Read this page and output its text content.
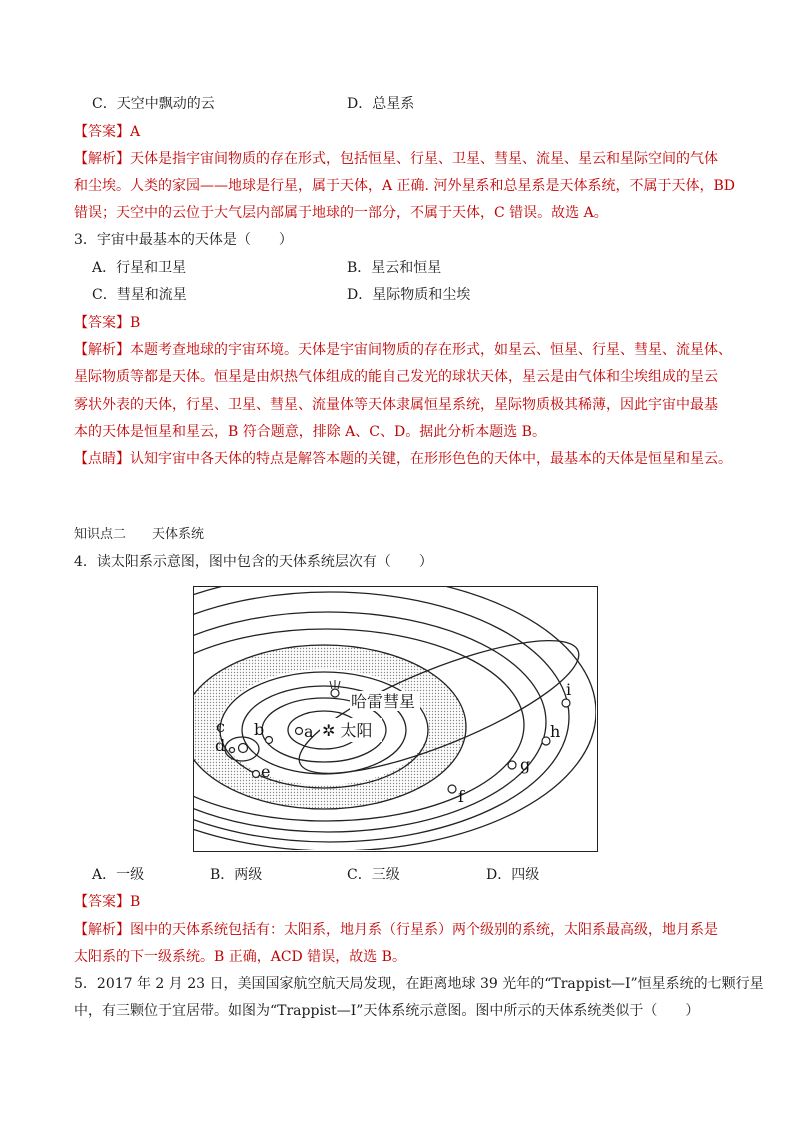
C．天空中飘动的云	D．总星系
【答案】A
【解析】天体是指宇宙间物质的存在形式，包括恒星、行星、卫星、彗星、流星、星云和星际空间的气体
和尘埃。人类的家园——地球是行星，属于天体，A 正确. 河外星系和总星系是天体系统，不属于天体，BD
错误；天空中的云位于大气层内部属于地球的一部分，不属于天体，C 错误。故选 A。
3．宇宙中最基本的天体是（　　）
A．行星和卫星	B．星云和恒星
C．彗星和流星	D．星际物质和尘埃
【答案】B
【解析】本题考查地球的宇宙环境。天体是宇宙间物质的存在形式，如星云、恒星、行星、彗星、流星体、
星际物质等都是天体。恒星是由炽热气体组成的能自己发光的球状天体，星云是由气体和尘埃组成的呈云
雾状外表的天体，行星、卫星、彗星、流量体等天体隶属恒星系统，星际物质极其稀薄，因此宇宙中最基
本的天体是恒星和星云，B 符合题意，排除 A、C、D。据此分析本题选 B。
【点睛】认知宇宙中各天体的特点是解答本题的关键，在形形色色的天体中，最基本的天体是恒星和星云。
知识点二 天体系统
4．读太阳系示意图，图中包含的天体系统层次有（　　）
✲ 太阳
哈雷彗星
a
b
c
d
e
f
g
h
i
A．一级	B．两级	C．三级	D．四级
【答案】B
【解析】图中的天体系统包括有：太阳系，地月系（行星系）两个级别的系统，太阳系最高级，地月系是
太阳系的下一级系统。B 正确，ACD 错误，故选 B。
5．2017 年 2 月 23 日，美国国家航空航天局发现，在距离地球 39 光年的“Trappist—I”恒星系统的七颗行星
中，有三颗位于宜居带。如图为“Trappist—I”天体系统示意图。图中所示的天体系统类似于（　　）
